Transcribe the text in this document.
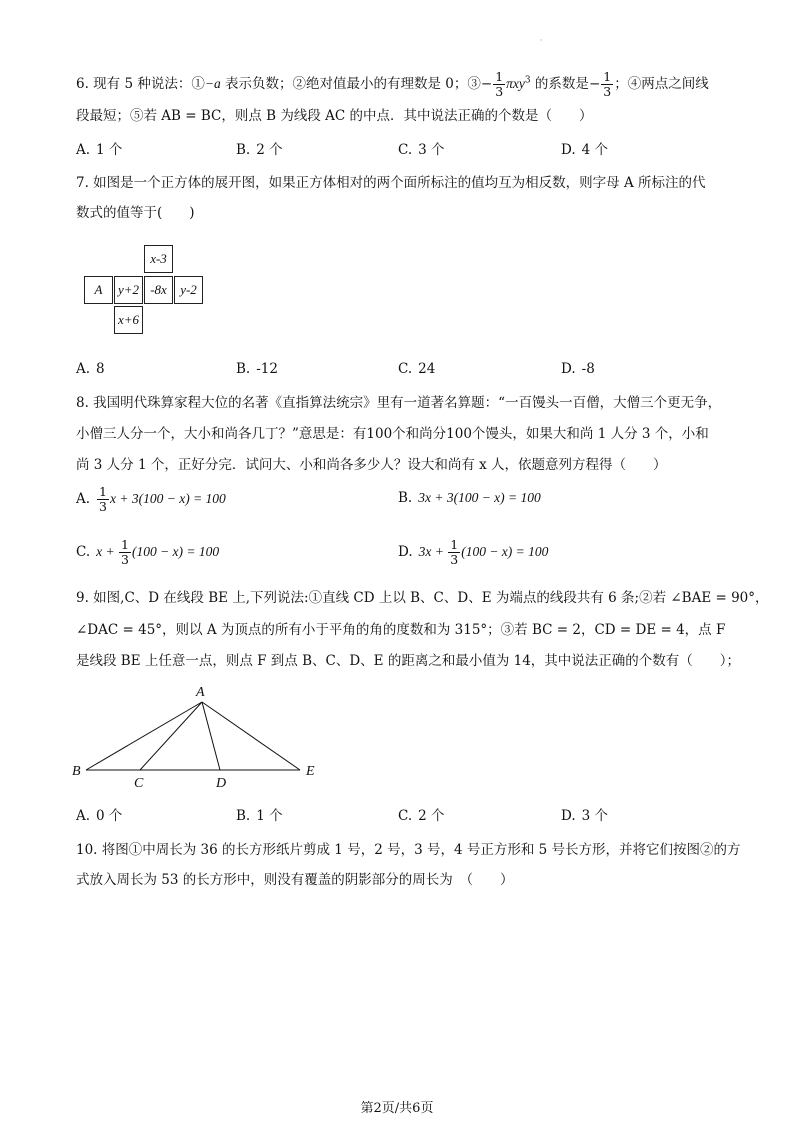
·
6. 现有 5 种说法：①−a 表示负数；②绝对值最小的有理数是 0；③− $\frac{1}{3} \pi xy^3$ 的系数是− $\frac{1}{3}$ ；④两点之间线
段最短；⑤若 AB = BC，则点 B 为线段 AC 的中点．其中说法正确的个数是（　　）
A. 1 个	B. 2 个	C. 3 个	D. 4 个
7. 如图是一个正方体的展开图，如果正方体相对的两个面所标注的值均互为相反数，则字母 A 所标注的代
数式的值等于(　　)
x-3
A	y+2 -8x	y-2
x+6
A. 8	B. -12	C. 24	D. -8
8. 我国明代珠算家程大位的名著《直指算法统宗》里有一道著名算题：“一百馒头一百僧，大僧三个更无争，
小僧三人分一个，大小和尚各几丁？”意思是：有100个和尚分100个馒头，如果大和尚 1 人分 3 个，小和
尚 3 人分 1 个，正好分完．试问大、小和尚各多少人？设大和尚有 x 人，依题意列方程得（　　）
A. $\frac{1}{3}$ x + 3(100 − x) = 100	B. 3x + 3(100 − x) = 100
C. $x + \frac{1}{3} (100 - x) = 100$	D. $3x + \frac{1}{3} (100 - x) = 100$
9. 如图,C、D 在线段 BE 上,下列说法:①直线 CD 上以 B、C、D、E 为端点的线段共有 6 条;②若 ∠BAE = 90°，
∠DAC = 45°，则以 A 为顶点的所有小于平角的角的度数和为 315°；③若 BC = 2，CD = DE = 4，点 F
是线段 BE 上任意一点，则点 F 到点 B、C、D、E 的距离之和最小值为 14，其中说法正确的个数有（　　）；
A
B
C	D
E
A. 0 个	B. 1 个	C. 2 个	D. 3 个
10. 将图①中周长为 36 的长方形纸片剪成 1 号，2 号，3 号，4 号正方形和 5 号长方形，并将它们按图②的方
式放入周长为 53 的长方形中，则没有覆盖的阴影部分的周长为　（　　）
第2页/共6页
